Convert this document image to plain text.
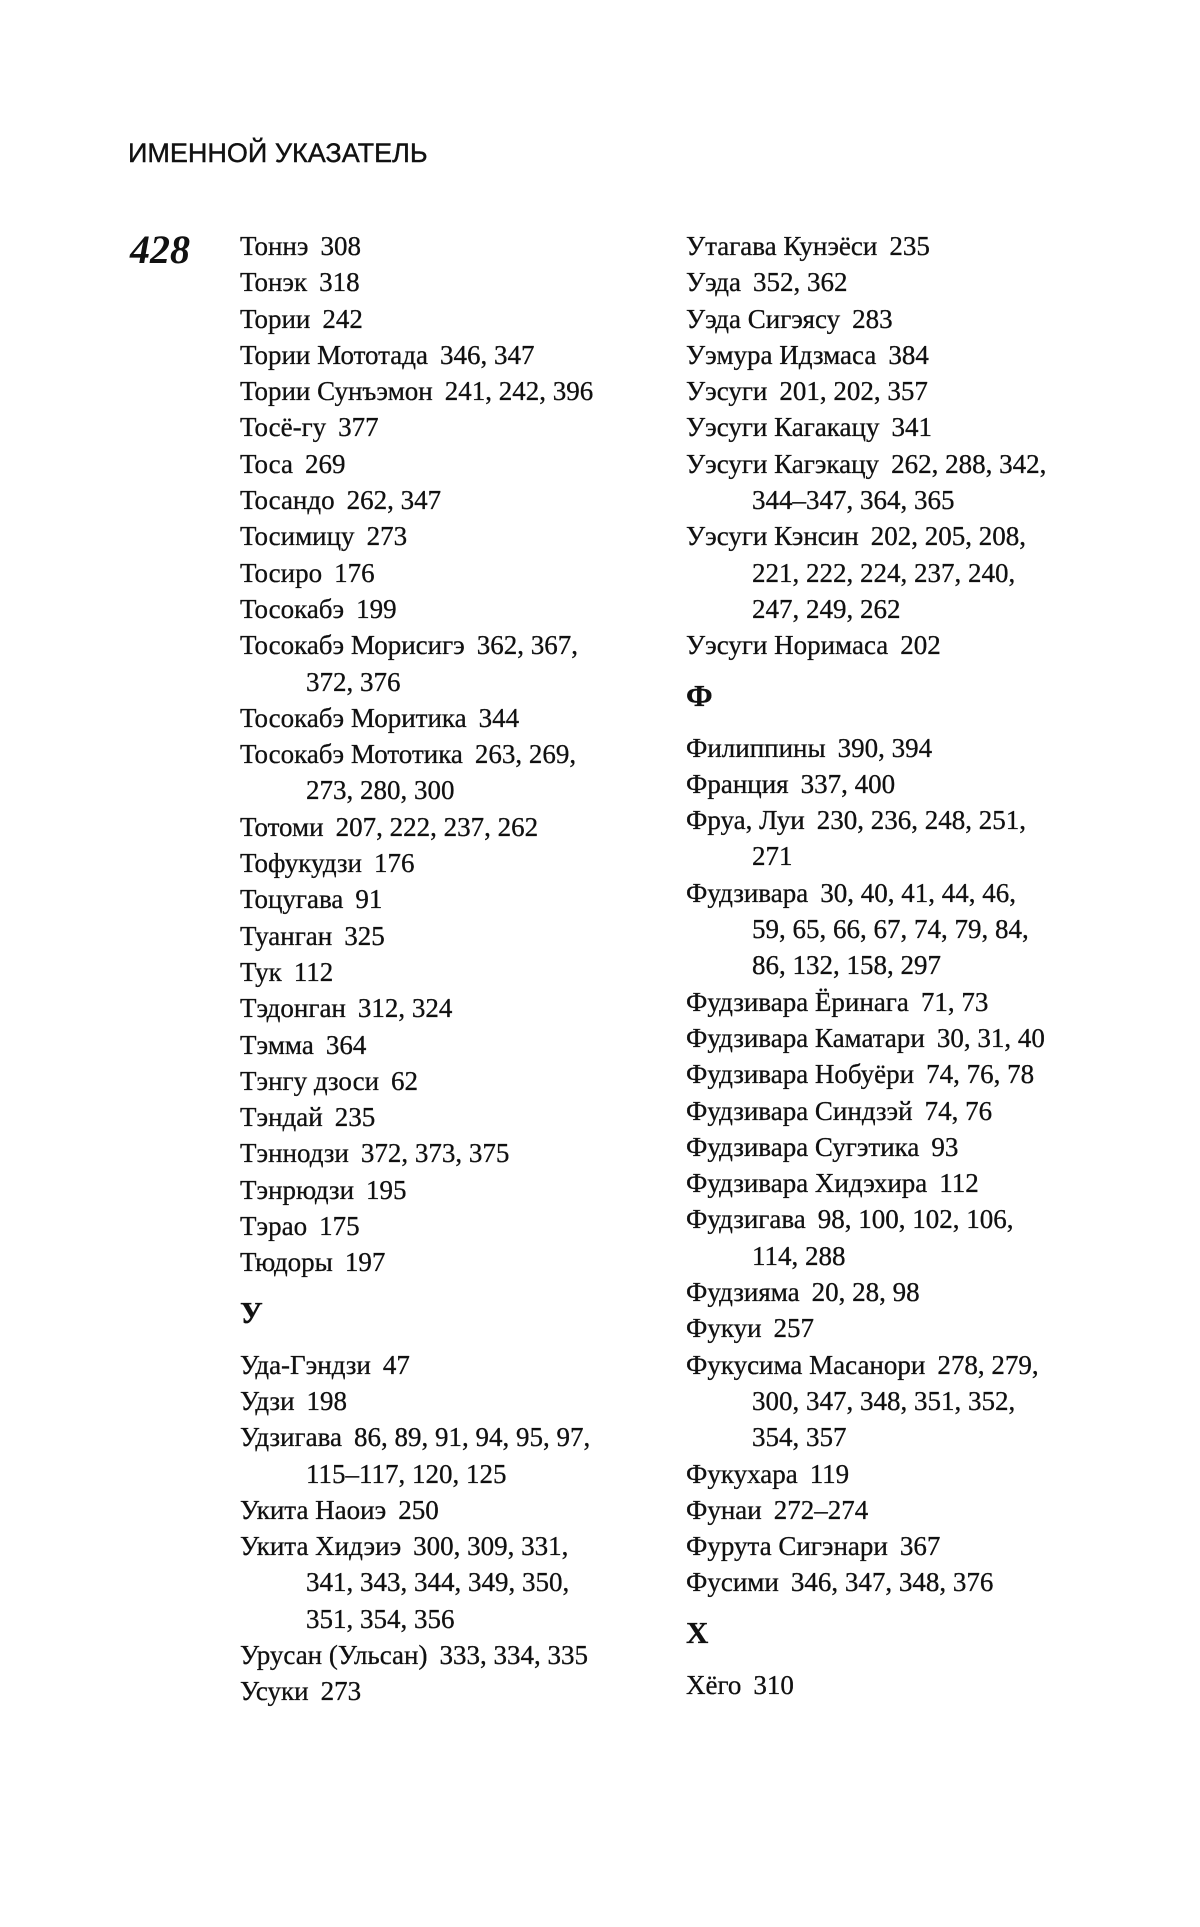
ИМЕННОЙ УКАЗАТЕЛЬ
428 Тоннэ 308
Тонэк 318
Тории 242
Тории Мототада 346, 347
Тории Сунъэмон 241, 242, 396
Тосё-гу 377
Тоса 269
Тосандо 262, 347
Тосимицу 273
Тосиро 176
Тосокабэ 199
Тосокабэ Морисигэ 362, 367,
372, 376
Тосокабэ Моритика 344
Тосокабэ Мототика 263, 269,
273, 280, 300
Тотоми 207, 222, 237, 262
Тофукудзи 176
Тоцугава 91
Туанган 325
Тук 112
Тэдонган 312, 324
Тэмма 364
Тэнгу дзоси 62
Тэндай 235
Тэннодзи 372, 373, 375
Тэнрюдзи 195
Тэрао 175
Тюдоры 197
У
Уда-Гэндзи 47
Удзи 198
Удзигава 86, 89, 91, 94, 95, 97,
115–117, 120, 125
Укита Наоиэ 250
Укита Хидэиэ 300, 309, 331,
341, 343, 344, 349, 350,
351, 354, 356
Урусан (Ульсан) 333, 334, 335
Усуки 273
Утагава Кунэёси 235
Уэда 352, 362
Уэда Сигэясу 283
Уэмура Идзмаса 384
Уэсуги 201, 202, 357
Уэсуги Кагакацу 341
Уэсуги Кагэкацу 262, 288, 342,
344–347, 364, 365
Уэсуги Кэнсин 202, 205, 208,
221, 222, 224, 237, 240,
247, 249, 262
Уэсуги Норимаса 202
Ф
Филиппины 390, 394
Франция 337, 400
Фруа, Луи 230, 236, 248, 251,
271
Фудзивара 30, 40, 41, 44, 46,
59, 65, 66, 67, 74, 79, 84,
86, 132, 158, 297
Фудзивара Ёринага 71, 73
Фудзивара Каматари 30, 31, 40
Фудзивара Нобуёри 74, 76, 78
Фудзивара Синдзэй 74, 76
Фудзивара Сугэтика 93
Фудзивара Хидэхира 112
Фудзигава 98, 100, 102, 106,
114, 288
Фудзияма 20, 28, 98
Фукуи 257
Фукусима Масанори 278, 279,
300, 347, 348, 351, 352,
354, 357
Фукухара 119
Фунаи 272–274
Фурута Сигэнари 367
Фусими 346, 347, 348, 376
Х
Хёго 310
